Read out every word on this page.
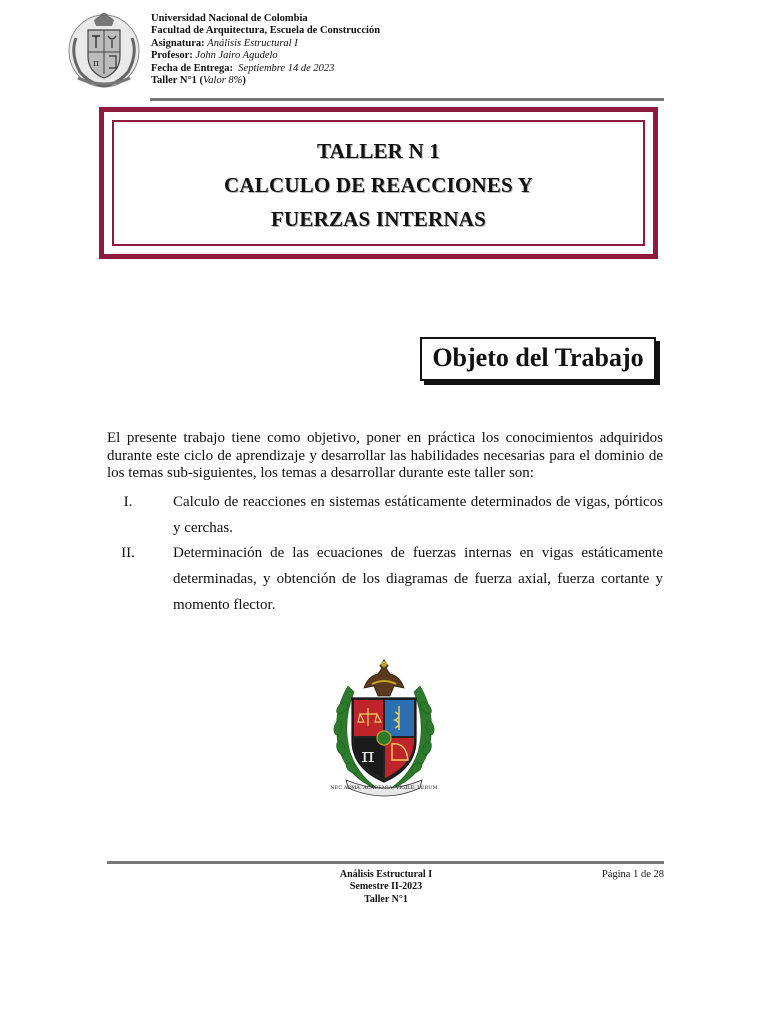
π
Universidad Nacional de Colombia
Facultad de Arquitectura, Escuela de Construcción
Asignatura: Análisis Estructural I
Profesor: John Jairo Agudelo
Fecha de Entrega: Septiembre 14 de 2023
Taller N°1 (Valor 8%)
TALLER N 1
CALCULO DE REACCIONES Y
FUERZAS INTERNAS
Objeto del Trabajo
El presente trabajo tiene como objetivo, poner en práctica los conocimientos adquiridos durante este ciclo de aprendizaje y desarrollar las habilidades necesarias para el dominio de los temas sub-siguientes, los temas a desarrollar durante este taller son:
I.	Calculo de reacciones en sistemas estáticamente determinados de vigas, pórticos y cerchas.
II.	Determinación de las ecuaciones de fuerzas internas en vigas estáticamente determinadas, y obtención de los diagramas de fuerza axial, fuerza cortante y momento flector.
π
NEC ARMA, ACADEMIA, VIGILE, VERUM
Análisis Estructural I
Semestre II-2023
Taller N°1
Página 1 de 28
